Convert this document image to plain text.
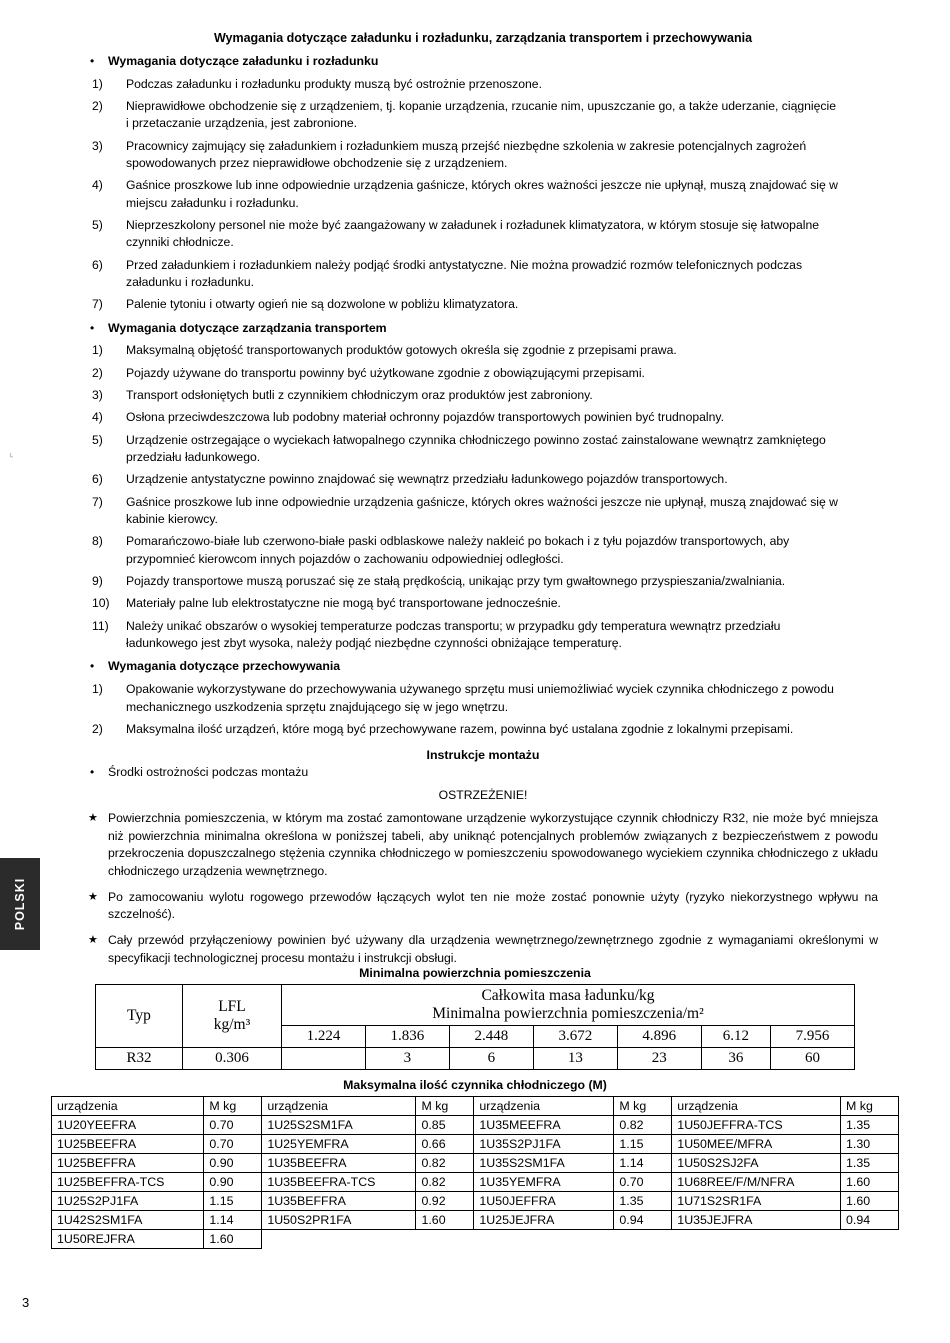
POLSKI
⌐
3
Wymagania dotyczące załadunku i rozładunku, zarządzania transportem i przechowywania
•	Wymagania dotyczące załadunku i rozładunku
1)	Podczas załadunku i rozładunku produkty muszą być ostrożnie przenoszone.
2)	Nieprawidłowe obchodzenie się z urządzeniem, tj. kopanie urządzenia, rzucanie nim, upuszczanie go, a także uderzanie, ciągnięcie i przetaczanie urządzenia, jest zabronione.
3)	Pracownicy zajmujący się załadunkiem i rozładunkiem muszą przejść niezbędne szkolenia w zakresie potencjalnych zagrożeń spowodowanych przez nieprawidłowe obchodzenie się z urządzeniem.
4)	Gaśnice proszkowe lub inne odpowiednie urządzenia gaśnicze, których okres ważności jeszcze nie upłynął, muszą znajdować się w miejscu załadunku i rozładunku.
5)	Nieprzeszkolony personel nie może być zaangażowany w załadunek i rozładunek klimatyzatora, w którym stosuje się łatwopalne czynniki chłodnicze.
6)	Przed załadunkiem i rozładunkiem należy podjąć środki antystatyczne. Nie można prowadzić rozmów telefonicznych podczas załadunku i rozładunku.
7)	Palenie tytoniu i otwarty ogień nie są dozwolone w pobliżu klimatyzatora.
•	Wymagania dotyczące zarządzania transportem
1)	Maksymalną objętość transportowanych produktów gotowych określa się zgodnie z przepisami prawa.
2)	Pojazdy używane do transportu powinny być użytkowane zgodnie z obowiązującymi przepisami.
3)	Transport odsłoniętych butli z czynnikiem chłodniczym oraz produktów jest zabroniony.
4)	Osłona przeciwdeszczowa lub podobny materiał ochronny pojazdów transportowych powinien być trudnopalny.
5)	Urządzenie ostrzegające o wyciekach łatwopalnego czynnika chłodniczego powinno zostać zainstalowane wewnątrz zamkniętego przedziału ładunkowego.
6)	Urządzenie antystatyczne powinno znajdować się wewnątrz przedziału ładunkowego pojazdów transportowych.
7)	Gaśnice proszkowe lub inne odpowiednie urządzenia gaśnicze, których okres ważności jeszcze nie upłynął, muszą znajdować się w kabinie kierowcy.
8)	Pomarańczowo-białe lub czerwono-białe paski odblaskowe należy nakleić po bokach i z tyłu pojazdów transportowych, aby przypomnieć kierowcom innych pojazdów o zachowaniu odpowiedniej odległości.
9)	Pojazdy transportowe muszą poruszać się ze stałą prędkością, unikając przy tym gwałtownego przyspieszania/zwalniania.
10)	Materiały palne lub elektrostatyczne nie mogą być transportowane jednocześnie.
11)	Należy unikać obszarów o wysokiej temperaturze podczas transportu; w przypadku gdy temperatura wewnątrz przedziału ładunkowego jest zbyt wysoka, należy podjąć niezbędne czynności obniżające temperaturę.
•	Wymagania dotyczące przechowywania
1)	Opakowanie wykorzystywane do przechowywania używanego sprzętu musi uniemożliwiać wyciek czynnika chłodniczego z powodu mechanicznego uszkodzenia sprzętu znajdującego się w jego wnętrzu.
2)	Maksymalna ilość urządzeń, które mogą być przechowywane razem, powinna być ustalana zgodnie z lokalnymi przepisami.
Instrukcje montażu
•	Środki ostrożności podczas montażu
OSTRZEŻENIE!
★ Powierzchnia pomieszczenia, w którym ma zostać zamontowane urządzenie wykorzystujące czynnik chłodniczy R32, nie może być mniejsza niż powierzchnia minimalna określona w poniższej tabeli, aby uniknąć potencjalnych problemów związanych z bezpieczeństwem z powodu przekroczenia dopuszczalnego stężenia czynnika chłodniczego w pomieszczeniu spowodowanego wyciekiem czynnika chłodniczego z układu chłodniczego urządzenia wewnętrznego.
★ Po zamocowaniu wylotu rogowego przewodów łączących wylot ten nie może zostać ponownie użyty (ryzyko niekorzystnego wpływu na szczelność).
★ Cały przewód przyłączeniowy powinien być używany dla urządzenia wewnętrznego/zewnętrznego zgodnie z wymaganiami określonymi w specyfikacji technologicznej procesu montażu i instrukcji obsługi.
Minimalna powierzchnia pomieszczenia
Typ	
LFL
kg/m³

Całkowita masa ładunku/kg
Minimalna powierzchnia pomieszczenia/m²

		1.224	1.836	2.448	3.672	4.896	6.12	7.956
R32	0.306		3	6	13	23	36	60
Maksymalna ilość czynnika chłodniczego (M)
urządzenia	M kg	urządzenia	M kg	urządzenia	M kg	urządzenia	M kg
1U20YEEFRA	0.70	1U25S2SM1FA	0.85	1U35MEEFRA	0.82	1U50JEFFRA-TCS	1.35
1U25BEEFRA	0.70	1U25YEMFRA	0.66	1U35S2PJ1FA	1.15	1U50MEE/MFRA	1.30
1U25BEFFRA	0.90	1U35BEEFRA	0.82	1U35S2SM1FA	1.14	1U50S2SJ2FA	1.35
1U25BEFFRA-TCS	0.90	1U35BEEFRA-TCS	0.82	1U35YEMFRA	0.70	1U68REE/F/M/NFRA	1.60
1U25S2PJ1FA	1.15	1U35BEFFRA	0.92	1U50JEFFRA	1.35	1U71S2SR1FA	1.60
1U42S2SM1FA	1.14	1U50S2PR1FA	1.60	1U25JEJFRA	0.94	1U35JEJFRA	0.94
1U50REJFRA	1.60						
